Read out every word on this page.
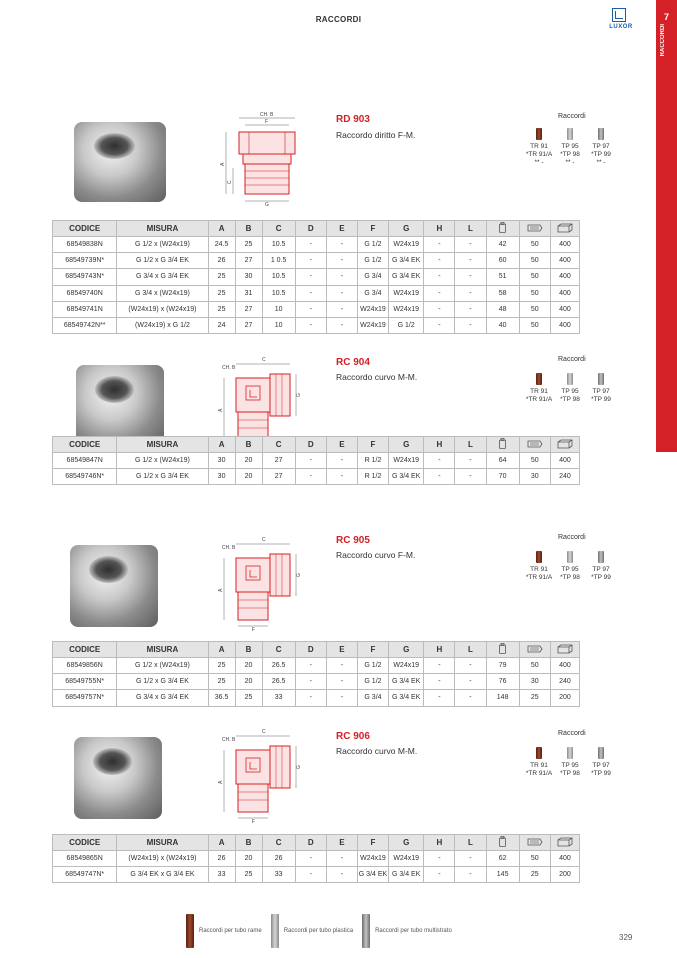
RACCORDI
LUXOR
7
RACCORDI
CH. B
F
A
C
G
RD 903
Raccordo diritto F-M.
Raccordi
TR 91
*TR 91/A
** -
TP 95
*TP 98
** -
TP 97
*TP 99
** -
CODICE	MISURA	A	B	C	D	E	F	G	H	L			
68549838N	G 1/2 x (W24x19)	24.5	25	10.5	-	-	G 1/2	W24x19	-	-	42	50	400
68549739N*	G 1/2 x G 3/4 EK	26	27	1 0.5	-	-	G 1/2	G 3/4 EK	-	-	60	50	400
68549743N*	G 3/4 x G 3/4 EK	25	30	10.5	-	-	G 3/4	G 3/4 EK	-	-	51	50	400
68549740N	G 3/4 x (W24x19)	25	31	10.5	-	-	G 3/4	W24x19	-	-	58	50	400
68549741N	(W24x19) x (W24x19)	25	27	10	-	-	W24x19	W24x19	-	-	48	50	400
68549742N**	(W24x19) x G 1/2	24	27	10	-	-	W24x19	G 1/2	-	-	40	50	400
CH. B
C
G
A
RC 904
Raccordo curvo M-M.
Raccordi
TR 91
*TR 91/A
TP 95
*TP 98
TP 97
*TP 99
CODICE	MISURA	A	B	C	D	E	F	G	H	L			
68549847N	G 1/2 x (W24x19)	30	20	27	-	-	R 1/2	W24x19	-	-	64	50	400
68549746N*	G 1/2 x G 3/4 EK	30	20	27	-	-	R 1/2	G 3/4 EK	-	-	70	30	240
CH. B
C
G
A
F
RC 905
Raccordo curvo F-M.
Raccordi
TR 91
*TR 91/A
TP 95
*TP 98
TP 97
*TP 99
CODICE	MISURA	A	B	C	D	E	F	G	H	L			
68549856N	G 1/2 x (W24x19)	25	20	26.5	-	-	G 1/2	W24x19	-	-	79	50	400
68549755N*	G 1/2 x G 3/4 EK	25	20	26.5	-	-	G 1/2	G 3/4 EK	-	-	76	30	240
68549757N*	G 3/4 x G 3/4 EK	36.5	25	33	-	-	G 3/4	G 3/4 EK	-	-	148	25	200
CH. B
C
G
A
F
RC 906
Raccordo curvo M-M.
Raccordi
TR 91
*TR 91/A
TP 95
*TP 98
TP 97
*TP 99
CODICE	MISURA	A	B	C	D	E	F	G	H	L			
68549865N	(W24x19) x (W24x19)	26	20	26	-	-	W24x19	W24x19	-	-	62	50	400
68549747N*	G 3/4 EK x G 3/4 EK	33	25	33	-	-	G 3/4 EK	G 3/4 EK	-	-	145	25	200
Raccordi per tubo rame	Raccordi per tubo plastica	Raccordi per tubo multistrato
329
